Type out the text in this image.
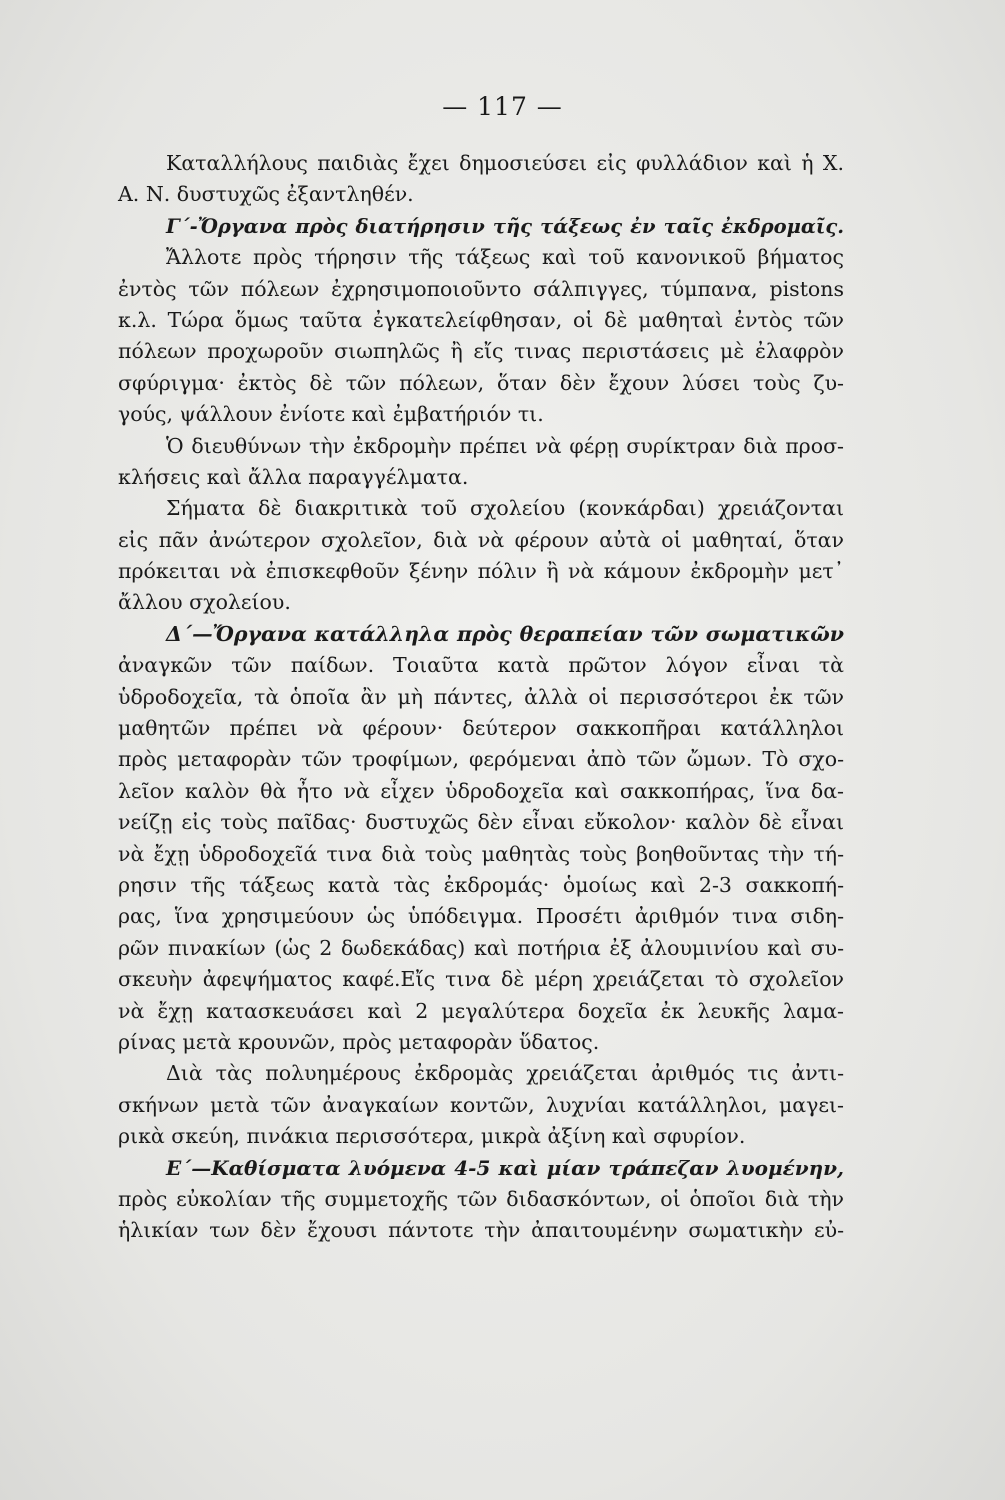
— 117 —
Καταλλήλους παιδιὰς ἔχει δημοσιεύσει εἰς φυλλάδιον καὶ ἡ Χ.
Α. Ν. δυστυχῶς ἐξαντληθέν.
Γ΄-Ὄργανα πρὸς διατήρησιν τῆς τάξεως ἐν ταῖς ἐκδρομαῖς.
Ἄλλοτε πρὸς τήρησιν τῆς τάξεως καὶ τοῦ κανονικοῦ βήματος
ἐντὸς τῶν πόλεων ἐχρησιμοποιοῦντο σάλπιγγες, τύμπανα, pistons
κ.λ. Τώρα ὅμως ταῦτα ἐγκατελείφθησαν, οἱ δὲ μαθηταὶ ἐντὸς τῶν
πόλεων προχωροῦν σιωπηλῶς ἢ εἴς τινας περιστάσεις μὲ ἐλαφρὸν
σφύριγμα· ἐκτὸς δὲ τῶν πόλεων, ὅταν δὲν ἔχουν λύσει τοὺς ζυ-
γούς, ψάλλουν ἐνίοτε καὶ ἐμβατήριόν τι.
Ὁ διευθύνων τὴν ἐκδρομὴν πρέπει νὰ φέρῃ συρίκτραν διὰ προσ-
κλήσεις καὶ ἄλλα παραγγέλματα.
Σήματα δὲ διακριτικὰ τοῦ σχολείου (κονκάρδαι) χρειάζονται
εἰς πᾶν ἀνώτερον σχολεῖον, διὰ νὰ φέρουν αὐτὰ οἱ μαθηταί, ὅταν
πρόκειται νὰ ἐπισκεφθοῦν ξένην πόλιν ἢ νὰ κάμουν ἐκδρομὴν μετ᾽
ἄλλου σχολείου.
Δ΄—Ὄργανα κατάλληλα πρὸς θεραπείαν τῶν σωματικῶν
ἀναγκῶν τῶν παίδων. Τοιαῦτα κατὰ πρῶτον λόγον εἶναι τὰ
ὑδροδοχεῖα, τὰ ὁποῖα ἂν μὴ πάντες, ἀλλὰ οἱ περισσότεροι ἐκ τῶν
μαθητῶν πρέπει νὰ φέρουν· δεύτερον σακκοπῆραι κατάλληλοι
πρὸς μεταφορὰν τῶν τροφίμων, φερόμεναι ἀπὸ τῶν ὤμων. Τὸ σχο-
λεῖον καλὸν θὰ ἦτο νὰ εἶχεν ὑδροδοχεῖα καὶ σακκοπήρας, ἵνα δα-
νείζῃ εἰς τοὺς παῖδας· δυστυχῶς δὲν εἶναι εὔκολον· καλὸν δὲ εἶναι
νὰ ἔχῃ ὑδροδοχεῖά τινα διὰ τοὺς μαθητὰς τοὺς βοηθοῦντας τὴν τή-
ρησιν τῆς τάξεως κατὰ τὰς ἐκδρομάς· ὁμοίως καὶ 2-3 σακκοπή-
ρας, ἵνα χρησιμεύουν ὡς ὑπόδειγμα. Προσέτι ἀριθμόν τινα σιδη-
ρῶν πινακίων (ὡς 2 δωδεκάδας) καὶ ποτήρια ἐξ ἀλουμινίου καὶ συ-
σκευὴν ἀφεψήματος καφέ.Εἴς τινα δὲ μέρη χρειάζεται τὸ σχολεῖον
νὰ ἔχῃ κατασκευάσει καὶ 2 μεγαλύτερα δοχεῖα ἐκ λευκῆς λαμα-
ρίνας μετὰ κρουνῶν, πρὸς μεταφορὰν ὕδατος.
Διὰ τὰς πολυημέρους ἐκδρομὰς χρειάζεται ἀριθμός τις ἀντι-
σκήνων μετὰ τῶν ἀναγκαίων κοντῶν, λυχνίαι κατάλληλοι, μαγει-
ρικὰ σκεύη, πινάκια περισσότερα, μικρὰ ἀξίνη καὶ σφυρίον.
Ε΄—Καθίσματα λυόμενα 4-5 καὶ μίαν τράπεζαν λυομένην,
πρὸς εὐκολίαν τῆς συμμετοχῆς τῶν διδασκόντων, οἱ ὁποῖοι διὰ τὴν
ἡλικίαν των δὲν ἔχουσι πάντοτε τὴν ἀπαιτουμένην σωματικὴν εὐ-
